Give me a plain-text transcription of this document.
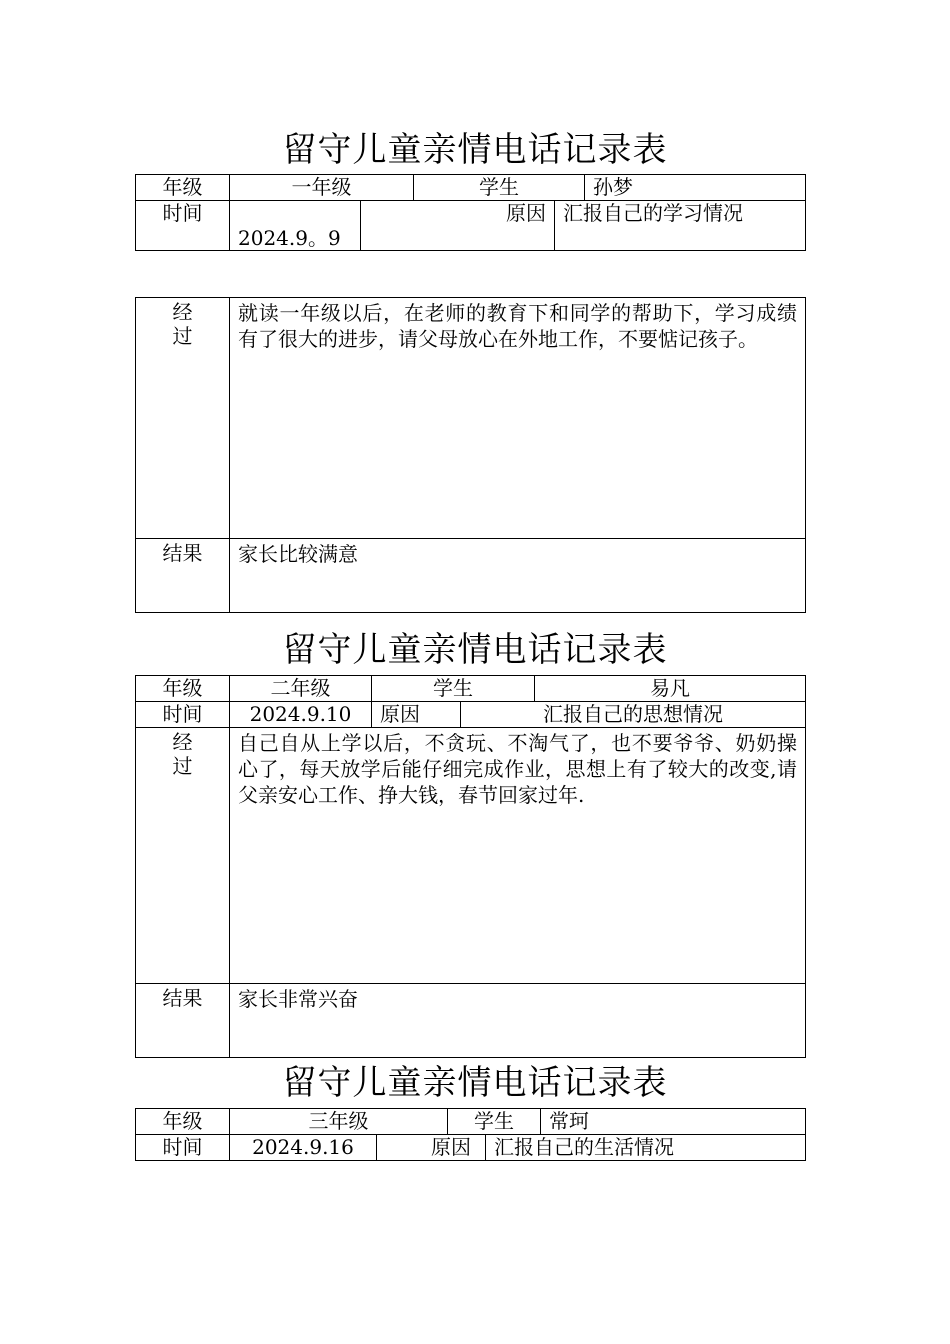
留守儿童亲情电话记录表
年级	一年级		学生		孙梦
时间	2024.9。9	原因		汇报自己的学习情况	
经
过	就读一年级以后，在老师的教育下和同学的帮助下，学习成绩有了很大的进步，请父母放心在外地工作，不要惦记孩子。
结果	家长比较满意
留守儿童亲情电话记录表
年级	二年级	学生		易凡
时间	2024.9.10	原因	汇报自己的思想情况	

经
过	自己自从上学以后，不贪玩、不淘气了，也不要爷爷、奶奶操心了，每天放学后能仔细完成作业，思想上有了较大的改变,请父亲安心工作、挣大钱，春节回家过年.			
结果	家长非常兴奋			
留守儿童亲情电话记录表
年级	三年级		学生		常珂
时间	2024.9.16	原因		汇报自己的生活情况	
